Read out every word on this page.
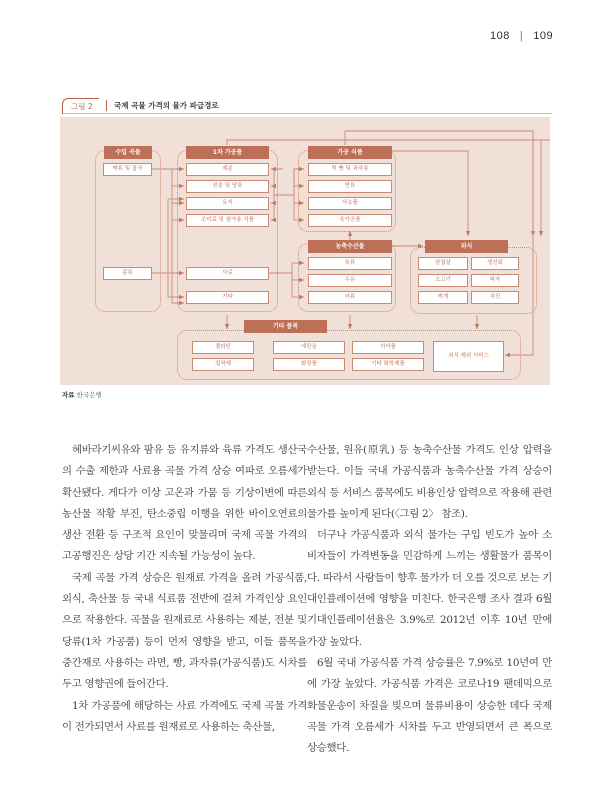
108 | 109
그림 2	국제 곡물 가격의 물가 파급경로
수입 곡물
맥류 및 잡곡
콩류
1차 가공품
제분
전분 및 당류
유지
조미료 및 첨가용 식품
사료
기타
가공 식품
떡 빵 및 과자류
면류
낙농품
육가공품
농축수산물
육류
우유
어류
외식
삼겹살	생선회
소고기	피자
찌개	치킨
기타 품목
젤라틴	에탄올	의약품
접착제	화장품	기타 화학제품
외식 제외 서비스
자료 한국은행

혜바라기씨유와 팜유 등 유지류와 육류 가격도 생산국의 수출 제한과 사료용 곡물 가격 상승 여파로 오름세가 확산됐다. 게다가 이상 고온과 가뭄 등 기상이변에 따른 농산물 작황 부진, 탄소중립 이행을 위한 바이오연료의 생산 전환 등 구조적 요인이 맞물리며 국제 곡물 가격의 고공행진은 상당 기간 지속될 가능성이 높다.

국제 곡물 가격 상승은 원재료 가격을 올려 가공식품, 외식, 축산물 등 국내 식료품 전반에 걸쳐 가격인상 요인으로 작용한다. 곡물을 원재료로 사용하는 제분, 전분 및 당류(1차 가공품) 등이 먼저 영향을 받고, 이들 품목을 중간재로 사용하는 라면, 빵, 과자류(가공식품)도 시차를 두고 영향권에 들어간다.

1차 가공품에 해당하는 사료 가격에도 국제 곡물 가격이 전가되면서 사료를 원재료로 사용하는 축산물,

수산물, 원유(原乳) 등 농축수산물 가격도 인상 압력을 받는다. 이들 국내 가공식품과 농축수산물 가격 상승이 외식 등 서비스 품목에도 비용인상 압력으로 작용해 관련 물가를 높이게 된다(〈그림 2〉 참조).

더구나 가공식품과 외식 물가는 구입 빈도가 높아 소비자들이 가격변동을 민감하게 느끼는 생활물가 품목이다. 따라서 사람들이 향후 물가가 더 오를 것으로 보는 기대인플레이션에 영향을 미친다. 한국은행 조사 결과 6월 기대인플레이션율은 3.9%로 2012년 이후 10년 만에 가장 높았다.

6월 국내 가공식품 가격 상승률은 7.9%로 10년여 만에 가장 높았다. 가공식품 가격은 코로나19 팬데믹으로 화물운송이 차질을 빚으며 물류비용이 상승한 데다 국제 곡물 가격 오름세가 시차를 두고 반영되면서 큰 폭으로 상승했다.
